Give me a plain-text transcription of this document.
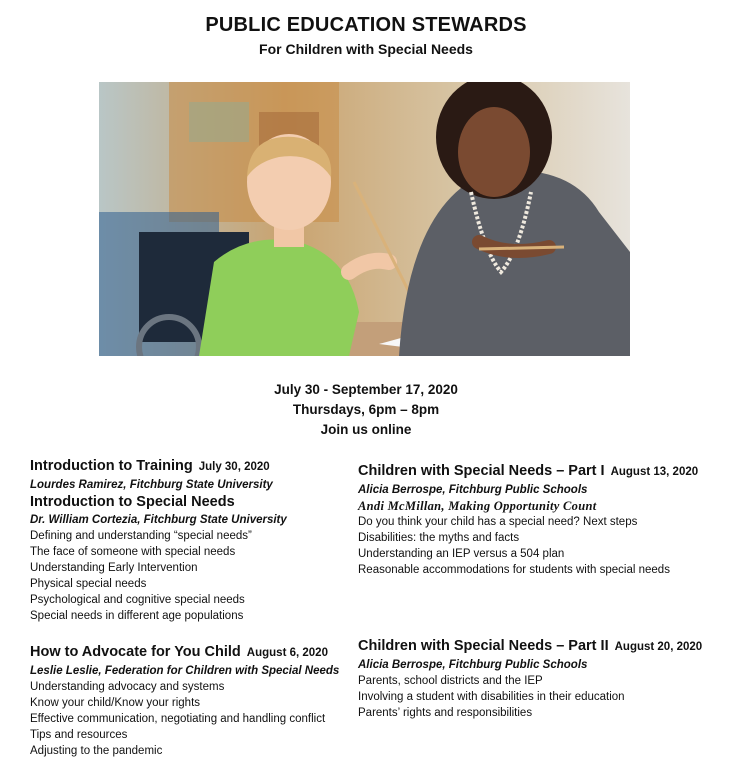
PUBLIC EDUCATION STEWARDS
For Children with Special Needs
July 30 - September 17, 2020
Thursdays, 6pm – 8pm
Join us online
Introduction to Training July 30, 2020
Lourdes Ramirez, Fitchburg State University
Introduction to Special Needs
Dr. William Cortezia, Fitchburg State University
Defining and understanding “special needs”
The face of someone with special needs
Understanding Early Intervention
Physical special needs
Psychological and cognitive special needs
Special needs in different age populations
How to Advocate for You Child August 6, 2020
Leslie Leslie, Federation for Children with Special Needs
Understanding advocacy and systems
Know your child/Know your rights
Effective communication, negotiating and handling conflict
Tips and resources
Adjusting to the pandemic
Children with Special Needs – Part I August 13, 2020
Alicia Berrospe, Fitchburg Public Schools
Andi McMillan, Making Opportunity Count
Do you think your child has a special need? Next steps
Disabilities: the myths and facts
Understanding an IEP versus a 504 plan
Reasonable accommodations for students with special needs
Children with Special Needs – Part II August 20, 2020
Alicia Berrospe, Fitchburg Public Schools
Parents, school districts and the IEP
Involving a student with disabilities in their education
Parents’ rights and responsibilities
